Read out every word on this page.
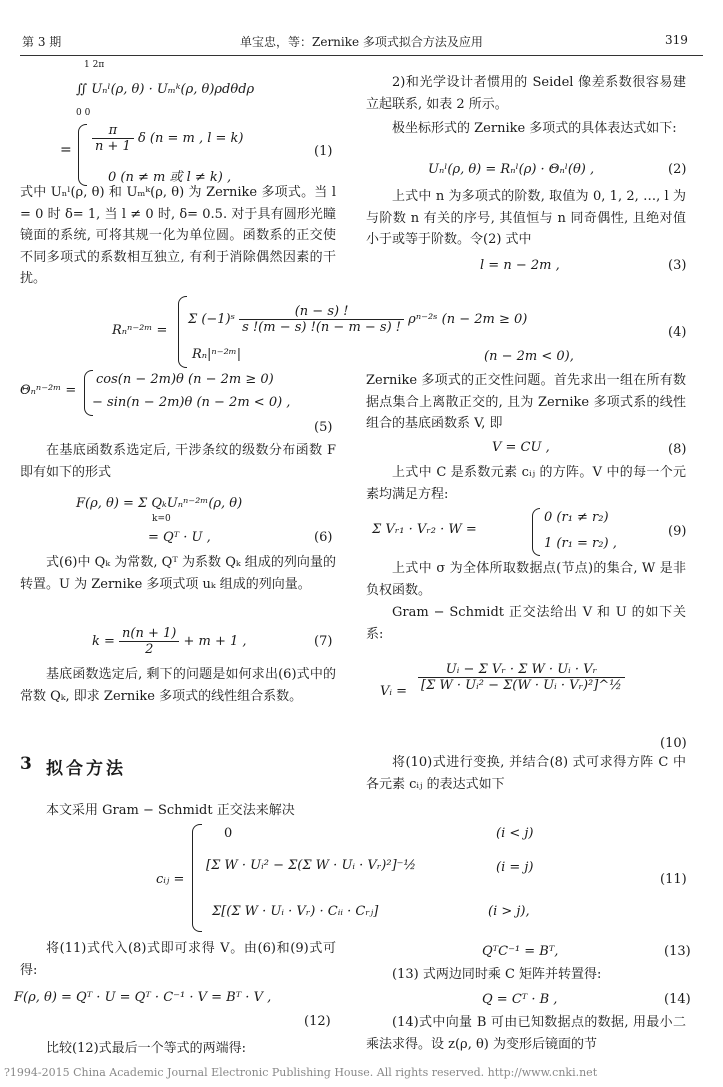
第 3 期	单宝忠，等：Zernike 多项式拟合方法及应用	319
1 2π
∬ Uₙˡ(ρ, θ) · Uₘᵏ(ρ, θ)ρdθdρ
0 0
= $\frac{\pi}{n + 1}$ δ (n = m , l = k)
0 (n ≠ m 或 l ≠ k) ,
(1)
式中 Uₙˡ(ρ, θ) 和 Uₘᵏ(ρ, θ) 为 Zernike 多项式。当 l = 0 时 δ= 1, 当 l ≠ 0 时, δ= 0.5. 对于具有圆形光瞳镜面的系统, 可将其规一化为单位圆。函数系的正交使不同多项式的系数相互独立, 有利于消除偶然因素的干扰。
Rₙⁿ⁻²ᵐ =
Σ (−1)ˢ $\frac{(n - s) !}{s !(m - s) !(n - m - s) !}$ ρⁿ⁻²ˢ (n − 2m ≥ 0)
Rₙ|ⁿ⁻²ᵐ|	(n − 2m < 0),
(4)
Θₙⁿ⁻²ᵐ =
cos(n − 2m)θ (n − 2m ≥ 0)
− sin(n − 2m)θ (n − 2m < 0) ,
(5)
在基底函数系选定后, 干涉条纹的级数分布函数 F 即有如下的形式
F(ρ, θ) = Σ QₖUₙⁿ⁻²ᵐ(ρ, θ)
k=0
= Qᵀ · U ,	(6)
式(6)中 Qₖ 为常数, Qᵀ 为系数 Qₖ 组成的列向量的转置。U 为 Zernike 多项式项 uₖ 组成的列向量。
$k = \frac{n(n + 1)}{2} + m + 1$ ,	(7)
基底函数选定后, 剩下的问题是如何求出(6)式中的常数 Qₖ, 即求 Zernike 多项式的线性组合系数。
3 拟合方法
本文采用 Gram − Schmidt 正交法来解决
2)和光学设计者惯用的 Seidel 像差系数很容易建立起联系, 如表 2 所示。
极坐标形式的 Zernike 多项式的具体表达式如下:
Uₙˡ(ρ, θ) = Rₙˡ(ρ) · Θₙˡ(θ) ,	(2)
上式中 n 为多项式的阶数, 取值为 0, 1, 2, …, l 为与阶数 n 有关的序号, 其值恒与 n 同奇偶性, 且绝对值小于或等于阶数。令(2) 式中
l = n − 2m ,	(3)
Zernike 多项式的正交性问题。首先求出一组在所有数据点集合上离散正交的, 且为 Zernike 多项式系的线性组合的基底函数系 V, 即
V = CU ,	(8)
上式中 C 是系数元素 cᵢⱼ 的方阵。V 中的每一个元素均满足方程:
Σ Vᵣ₁ · Vᵣ₂ · W =
0 (r₁ ≠ r₂)
1 (r₁ = r₂) ,
(9)
上式中 σ 为全体所取数据点(节点)的集合, W 是非负权函数。
Gram − Schmidt 正交法给出 V 和 U 的如下关系:
Vᵢ = $\frac{\text{Uᵢ − Σ Vᵣ · Σ W · Uᵢ · Vᵣ}}{\text{[Σ W · Uᵢ² − Σ(W · Uᵢ · Vᵣ)²]\textasciicircum{}½}}$
(10)
将(10)式进行变换, 并结合(8) 式可求得方阵 C 中各元素 cᵢⱼ 的表达式如下
cᵢⱼ =
0	(i < j)
[Σ W · Uᵢ² − Σ(Σ W · Uᵢ · Vᵣ)²]⁻½	(i = j)
Σ[(Σ W · Uᵢ · Vᵣ) · Cᵢᵢ · Cᵣⱼ]	(i > j),
(11)
将(11)式代入(8)式即可求得 V。由(6)和(9)式可得:
F(ρ, θ) = Qᵀ · U = Qᵀ · C⁻¹ · V = Bᵀ · V ,
(12)
比较(12)式最后一个等式的两端得:
QᵀC⁻¹ = Bᵀ,	(13)
(13) 式两边同时乘 C 矩阵并转置得:
Q = Cᵀ · B ,	(14)
(14)式中向量 B 可由已知数据点的数据, 用最小二乘法求得。设 z(ρ, θ) 为变形后镜面的节
?1994-2015 China Academic Journal Electronic Publishing House. All rights reserved. http://www.cnki.net
